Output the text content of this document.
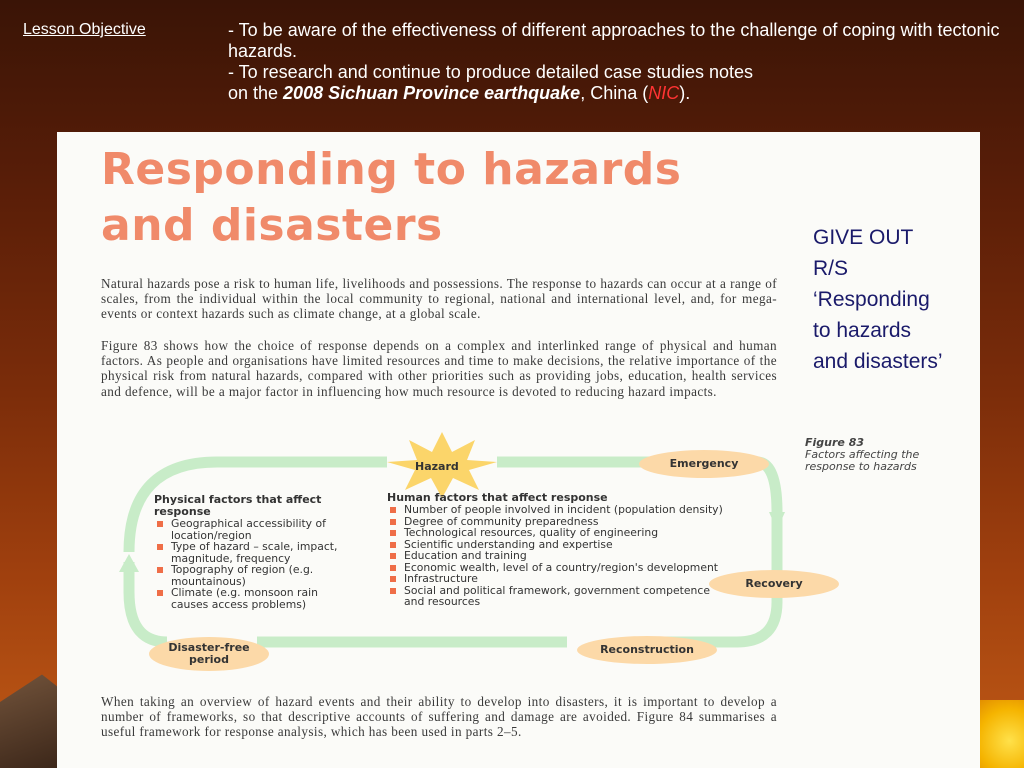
Lesson Objective	- To be aware of the effectiveness of different approaches to the challenge of coping with tectonic hazards.
- To research and continue to produce detailed case studies notes
on the 2008 Sichuan Province earthquake, China (NIC).
Responding to hazards
and disasters
Natural hazards pose a risk to human life, livelihoods and possessions. The response to hazards can occur at a range of scales, from the individual within the local community to regional, national and international level, and, for mega-events or context hazards such as climate change, at a global scale.
Figure 83 shows how the choice of response depends on a complex and interlinked range of physical and human factors. As people and organisations have limited resources and time to make decisions, the relative importance of the physical risk from natural hazards, compared with other priorities such as providing jobs, education, health services and defence, will be a major factor in influencing how much resource is devoted to reducing hazard impacts.
Hazard	Emergency
Recovery
Reconstruction
Disaster-free period
Physical factors that affect response
Geographical accessibility of location/region
Type of hazard – scale, impact, magnitude, frequency
Topography of region (e.g. mountainous)
Climate (e.g. monsoon rain causes access problems)
Human factors that affect response
Number of people involved in incident (population density)
Degree of community preparedness
Technological resources, quality of engineering
Scientific understanding and expertise
Education and training
Economic wealth, level of a country/region's development
Infrastructure
Social and political framework, government competence and resources
Figure 83
Factors affecting the response to hazards
When taking an overview of hazard events and their ability to develop into disasters, it is important to develop a number of frameworks, so that descriptive accounts of suffering and damage are avoided. Figure 84 summarises a useful framework for response analysis, which has been used in parts 2–5.
GIVE OUT
R/S
‘Responding
to hazards
and disasters’
